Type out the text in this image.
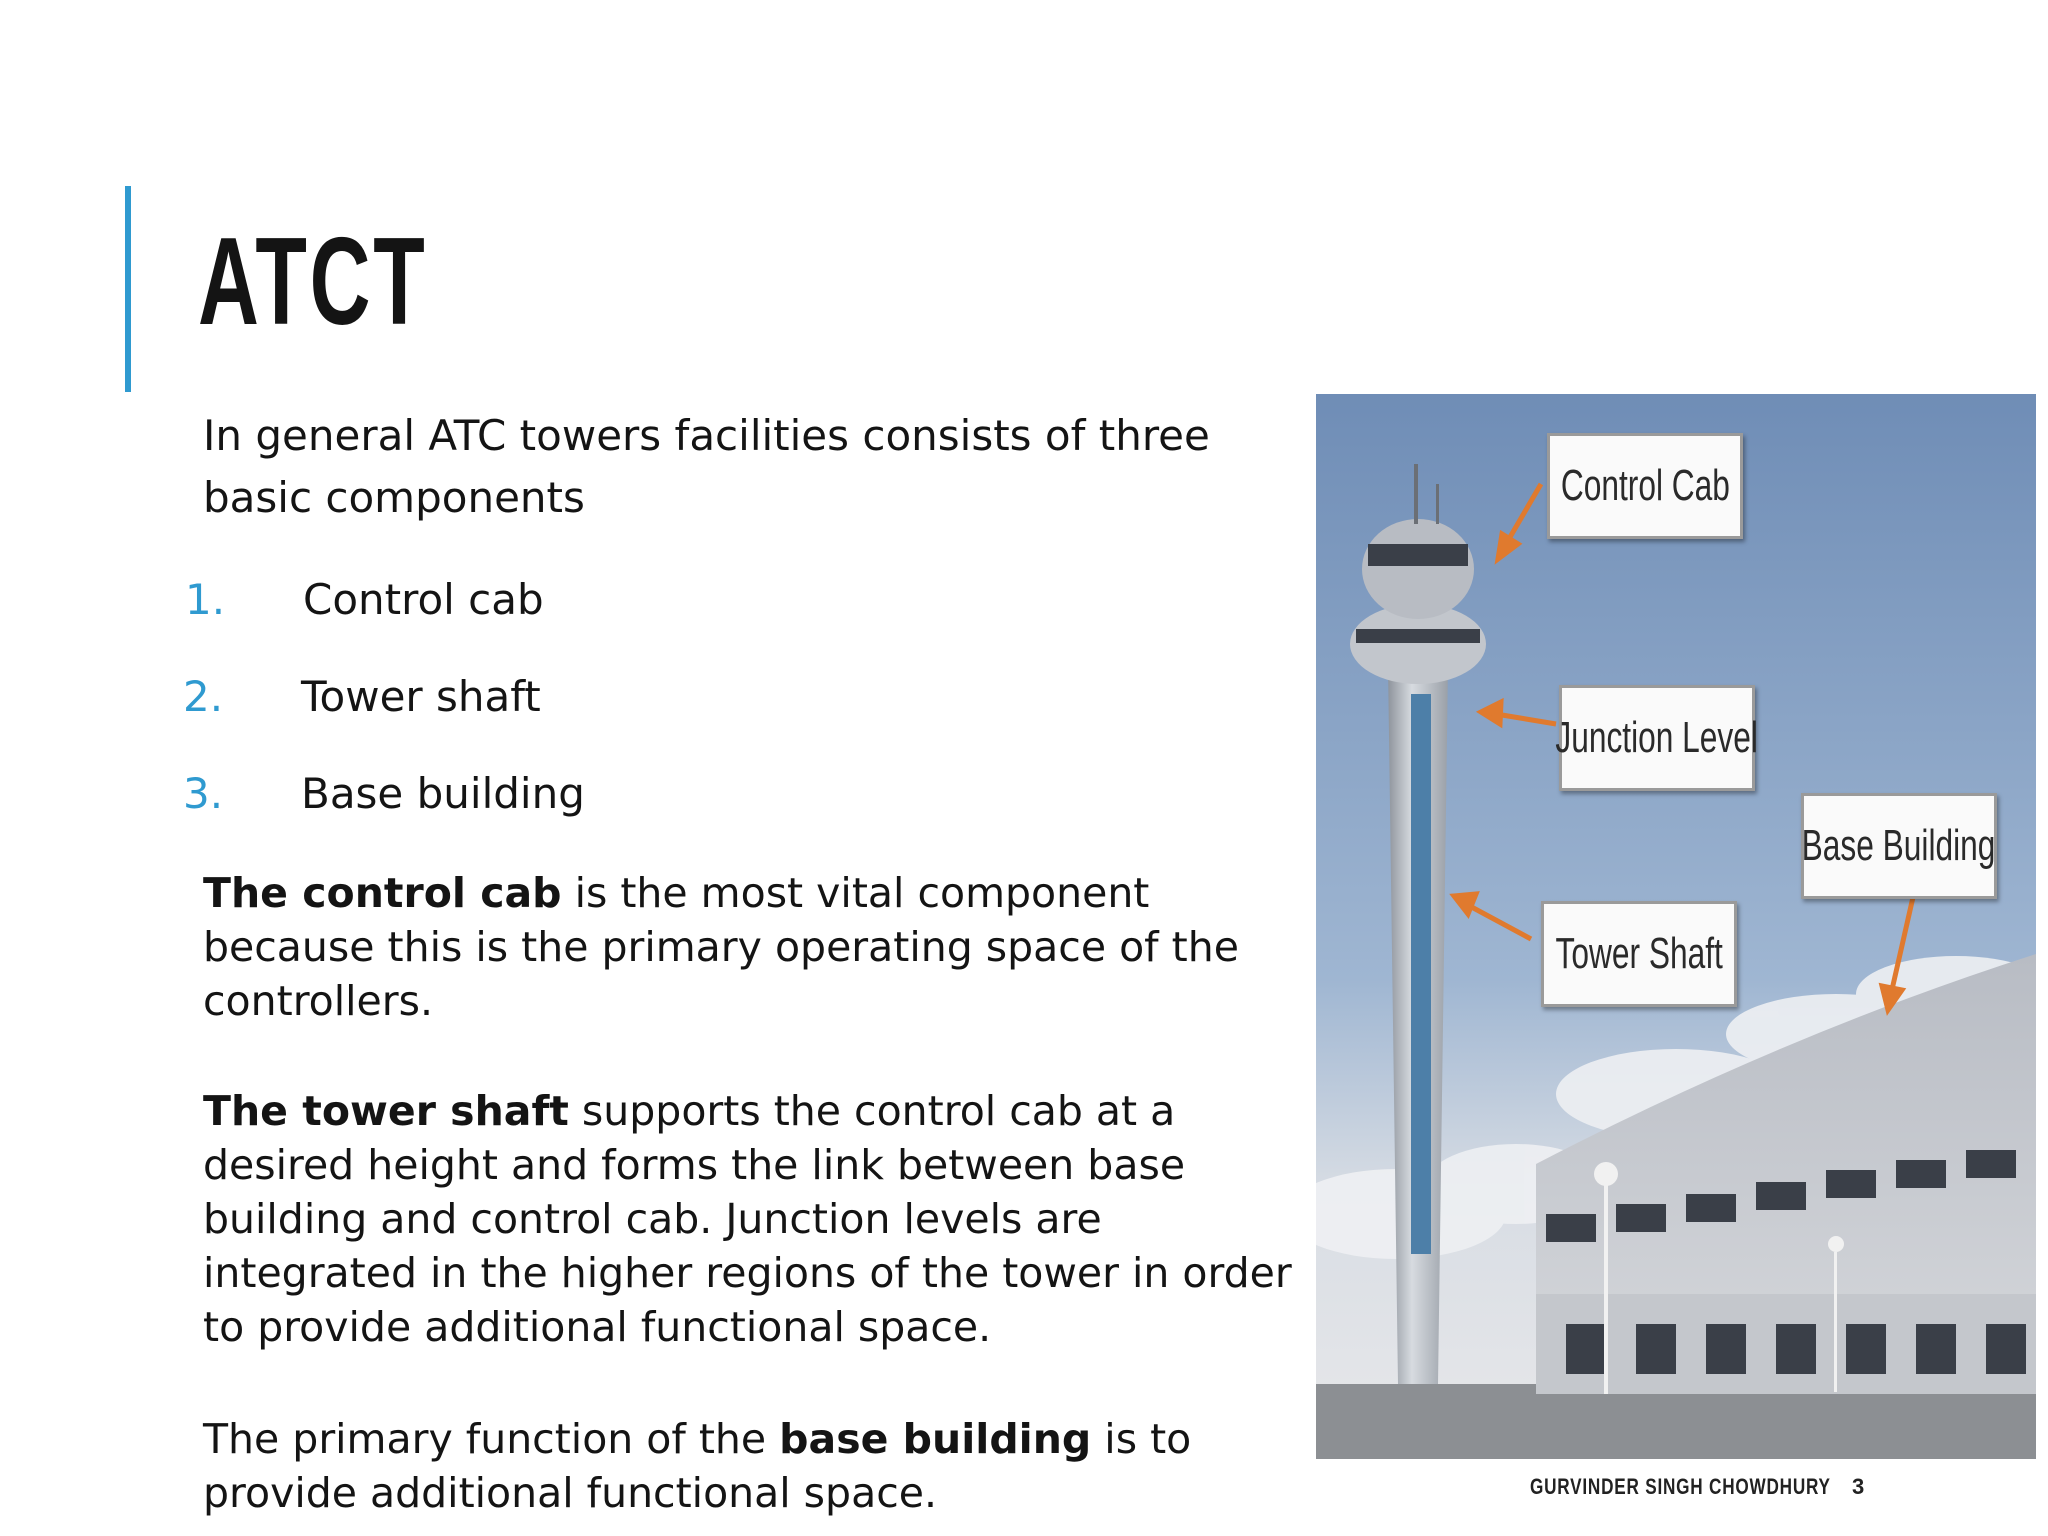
ATCT

In general ATC towers facilities consists of three basic components

1.	Control cab
2.	Tower shaft
3.	Base building

The control cab is the most vital component because this is the primary operating space of the controllers.

The tower shaft supports the control cab at a desired height and forms the link between base building and control cab. Junction levels are integrated in the higher regions of the tower in order to provide additional functional space.

The primary function of the base building is to provide additional functional space.

Control Cab
Junction Level
Base Building
Tower Shaft
GURVINDER SINGH CHOWDHURY 3
